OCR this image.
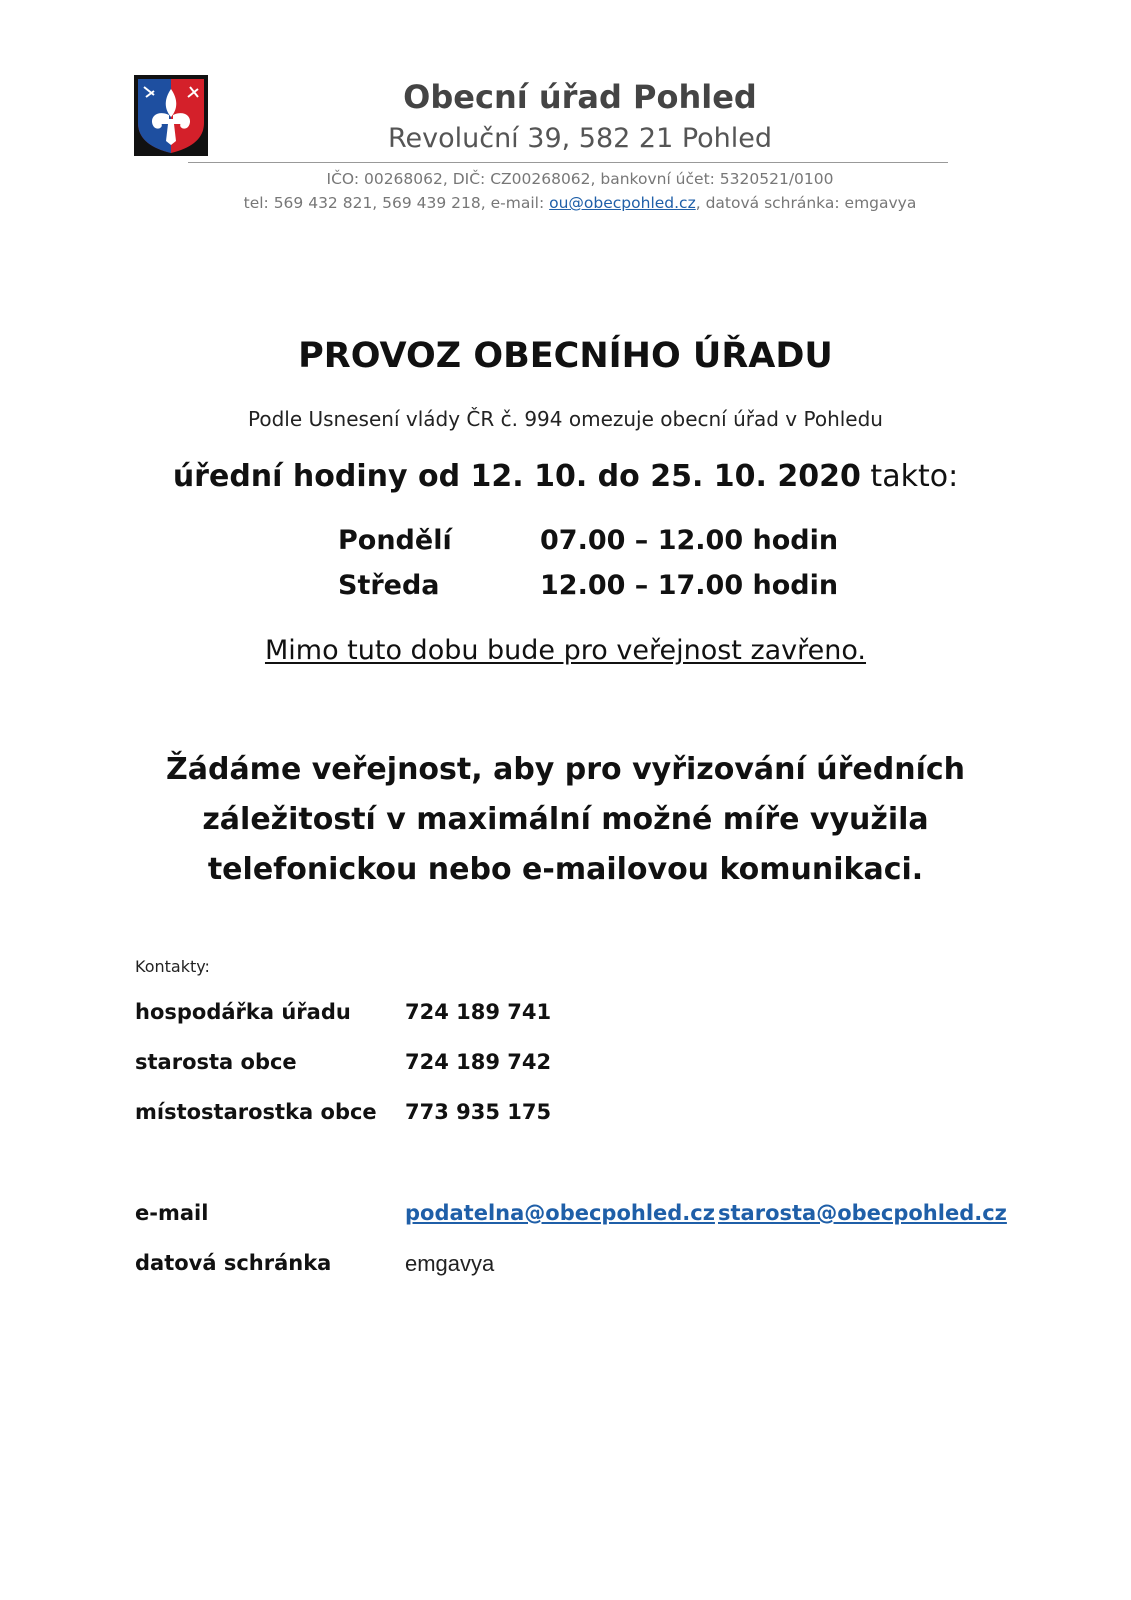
Obecní úřad Pohled
Revoluční 39, 582 21 Pohled
IČO: 00268062, DIČ: CZ00268062, bankovní účet: 5320521/0100
tel: 569 432 821, 569 439 218, e-mail: ou@obecpohled.cz, datová schránka: emgavya
PROVOZ OBECNÍHO ÚŘADU
Podle Usnesení vlády ČR č. 994 omezuje obecní úřad v Pohledu
úřední hodiny od 12. 10. do 25. 10. 2020 takto:
Pondělí	07.00 – 12.00 hodin
Středa	12.00 – 17.00 hodin
Mimo tuto dobu bude pro veřejnost zavřeno.
Žádáme veřejnost, aby pro vyřizování úředních
záležitostí v maximální možné míře využila
telefonickou nebo e-mailovou komunikaci.
Kontakty:
hospodářka úřadu	724 189 741
starosta obce	724 189 742
místostarostka obce 773 935 175
e-mail	podatelna@obecpohled.cz starosta@obecpohled.cz
datová schránka	emgavya
